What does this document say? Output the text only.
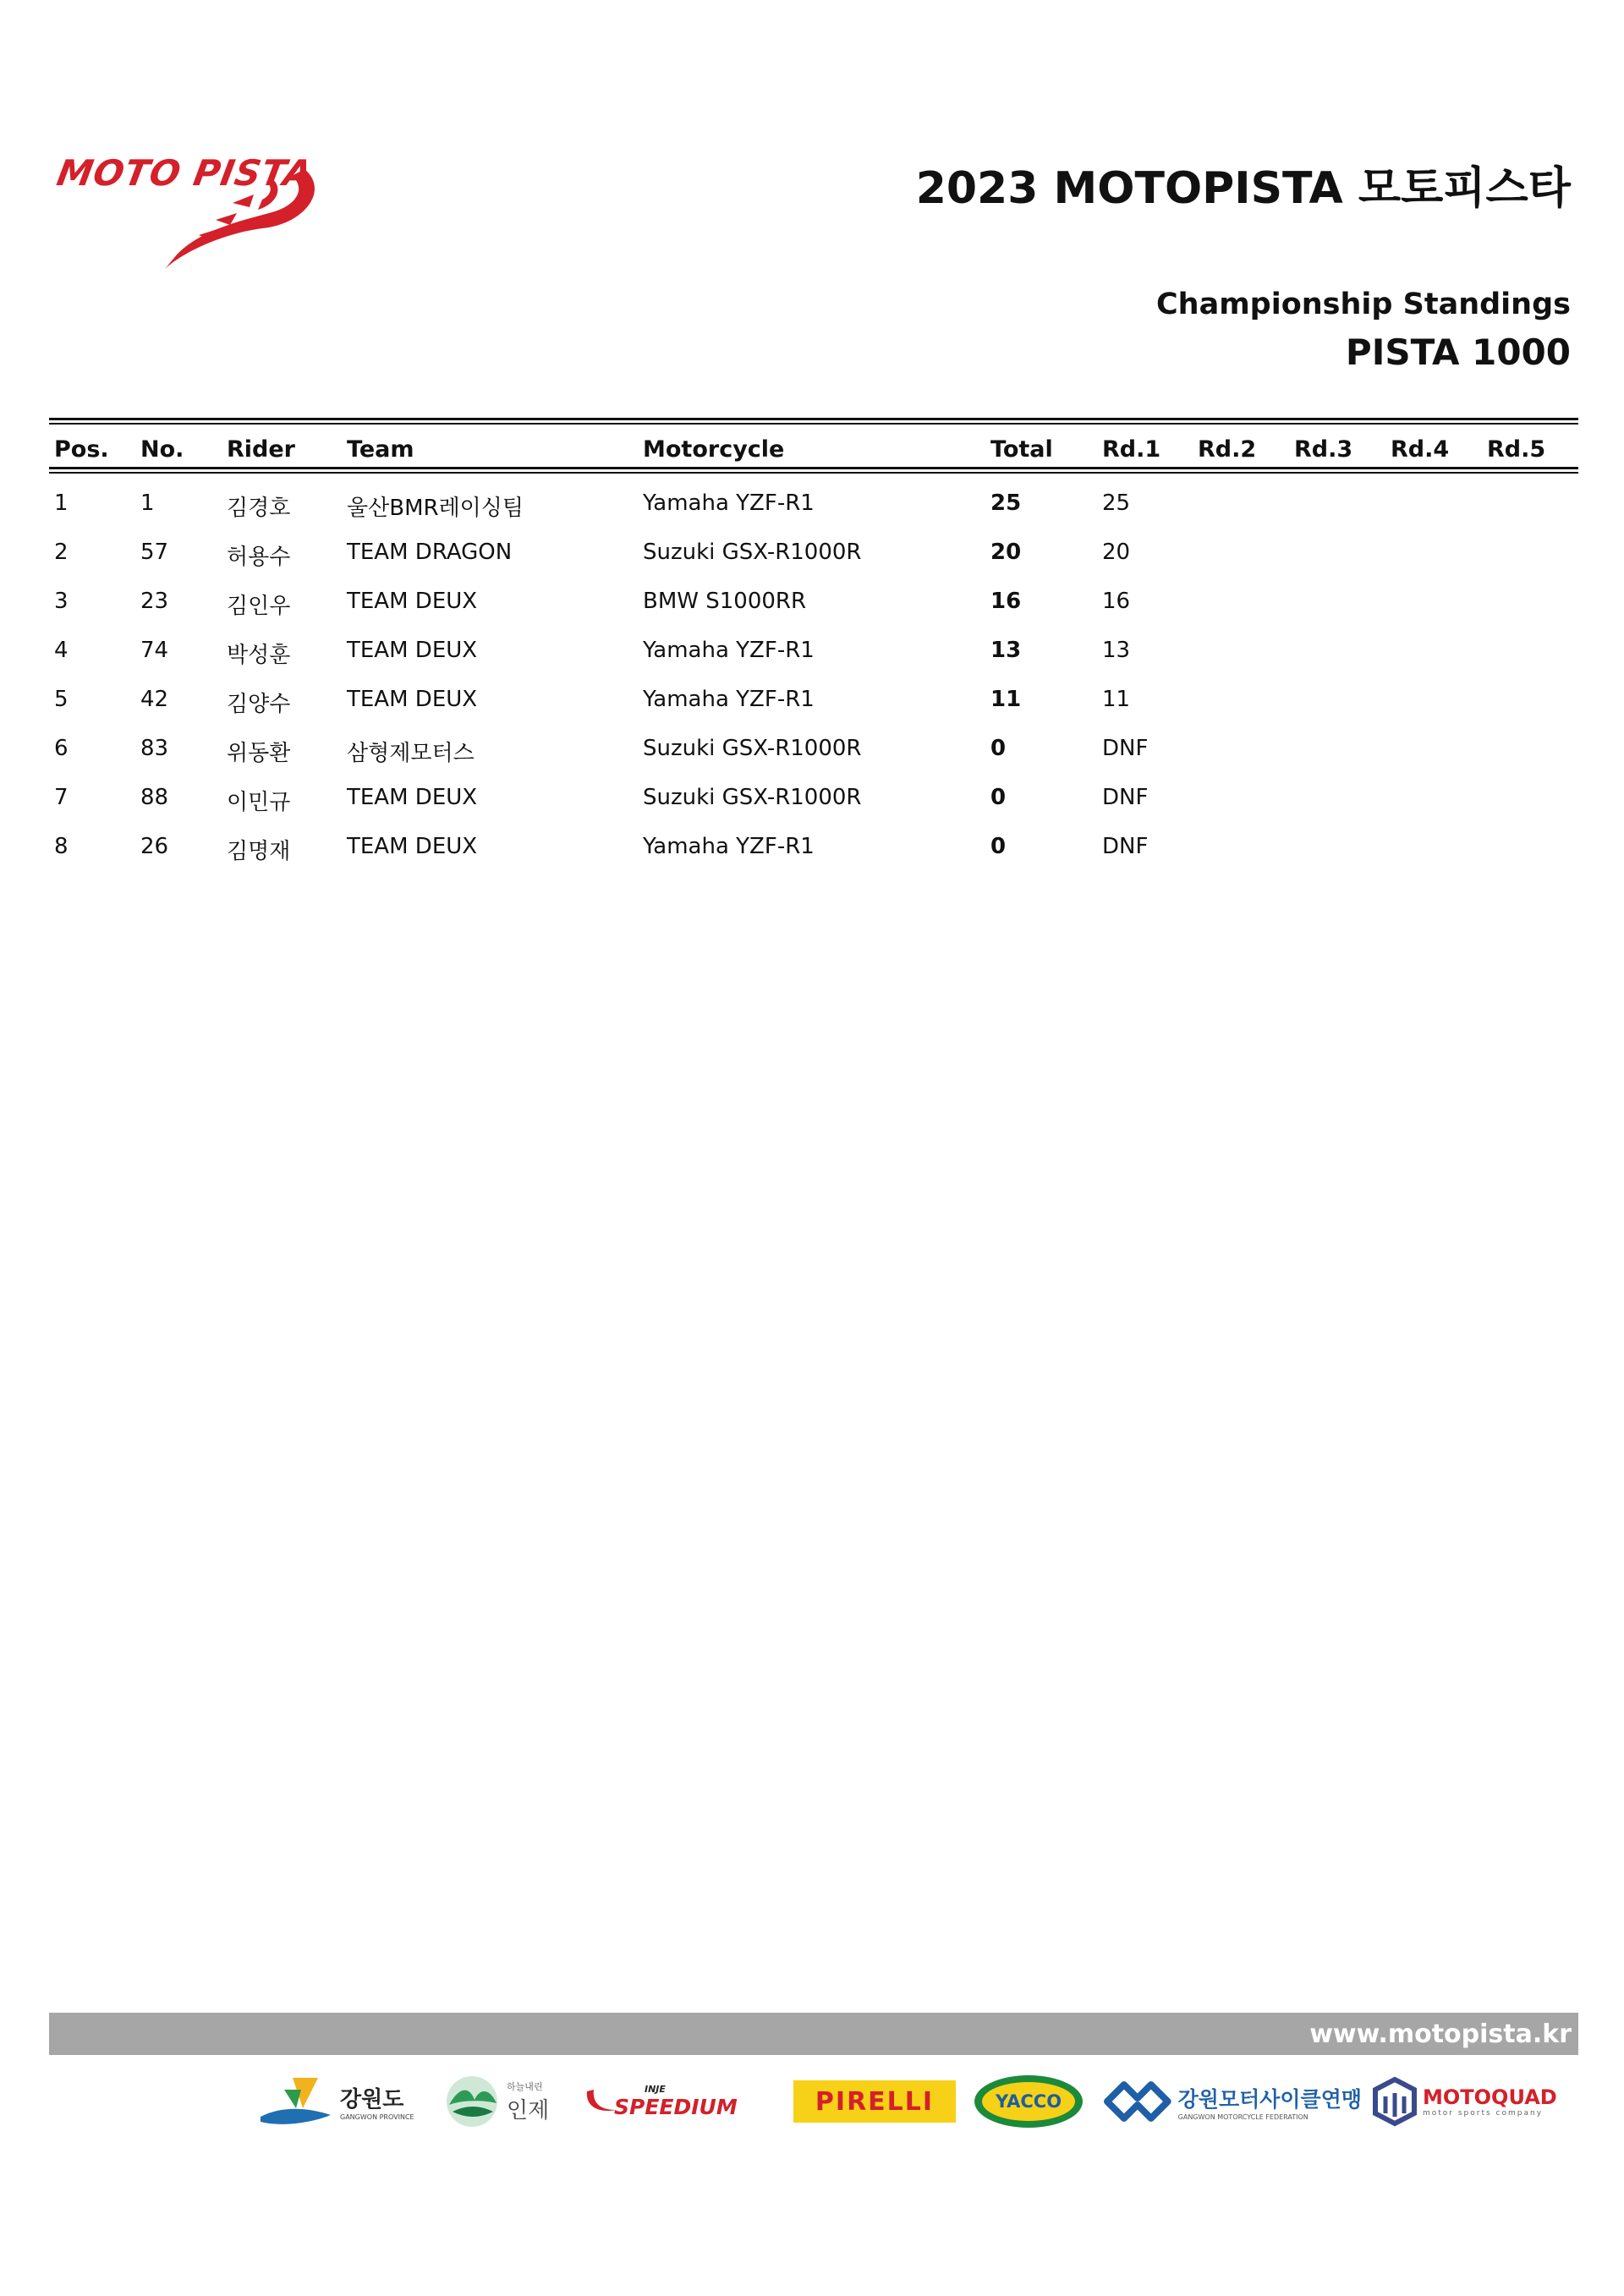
MOTO PISTA	2023 MOTOPISTA 모토피스타
Championship Standings
PISTA 1000
Pos. No. Rider Team	Motorcycle	Total Rd.1 Rd.2 Rd.3 Rd.4 Rd.5
1	1	김경호	울산BMR레이싱팀	Yamaha YZF-R1	25	25
2	57	허용수	TEAM DRAGON	Suzuki GSX-R1000R	20	20
3	23	김인우	TEAM DEUX	BMW S1000RR	16	16
4	74	박성훈	TEAM DEUX	Yamaha YZF-R1	13	13
5	42	김양수	TEAM DEUX	Yamaha YZF-R1	11	11
6	83	위동환	삼형제모터스	Suzuki GSX-R1000R	0	DNF
7	88	이민규	TEAM DEUX	Suzuki GSX-R1000R	0	DNF
8	26	김명재	TEAM DEUX	Yamaha YZF-R1	0	DNF
www.motopista.kr
강원도
GANGWON PROVINCE
하늘내린
인제
INJE
SPEEDIUM	PIRELLI	YACCO	강원모터사이클연맹
GANGWON MOTORCYCLE FEDERATION
MOTOQUAD
motor sports company
